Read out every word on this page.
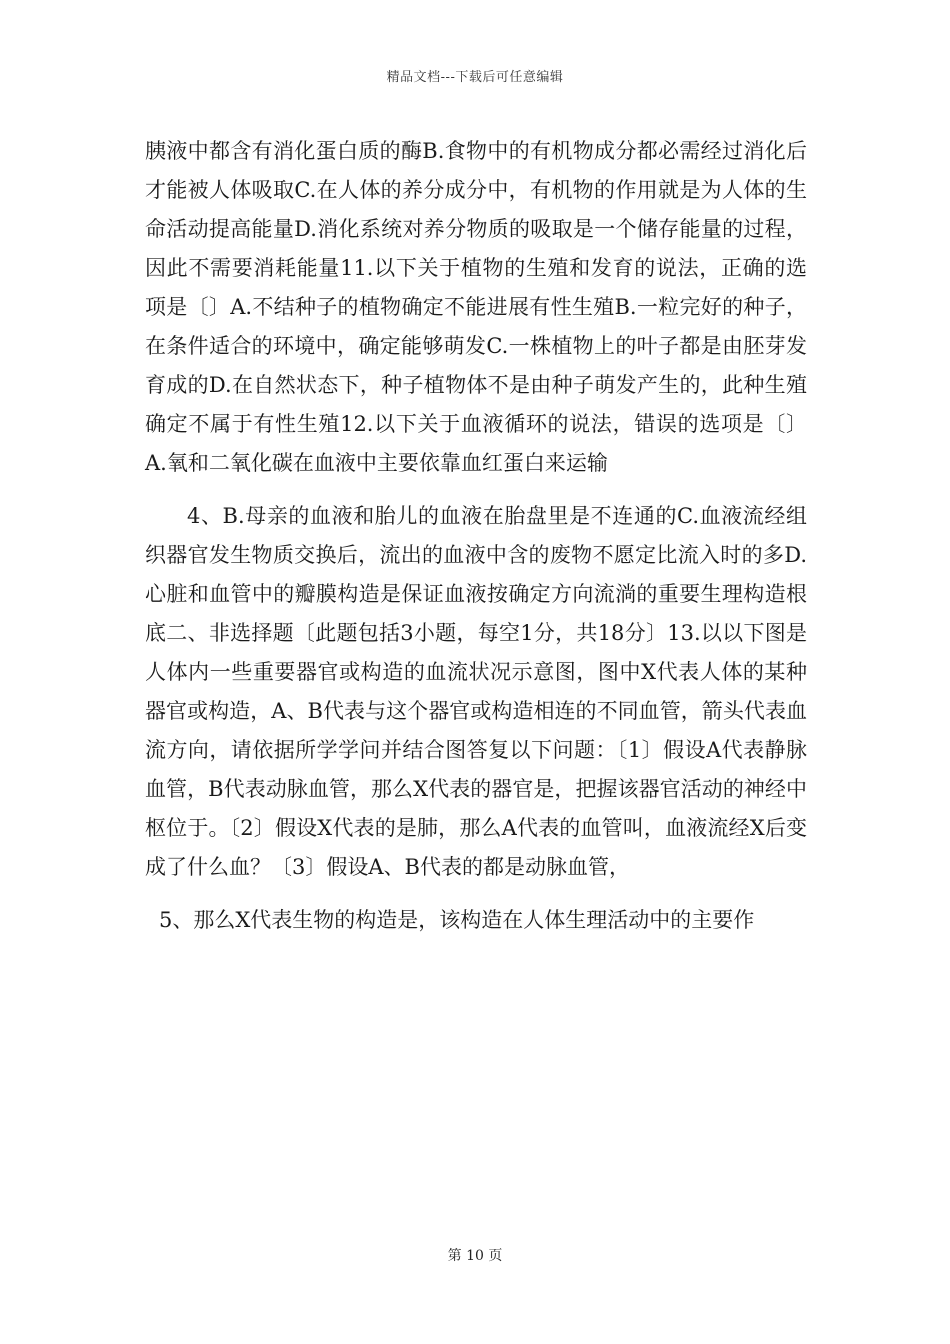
精品文档---下载后可任意编辑

胰液中都含有消化蛋白质的酶B.食物中的有机物成分都必需经过消化后才能被人体吸取C.在人体的养分成分中，有机物的作用就是为人体的生命活动提高能量D.消化系统对养分物质的吸取是一个储存能量的过程，因此不需要消耗能量11.以下关于植物的生殖和发育的说法，正确的选项是〔〕A.不结种子的植物确定不能进展有性生殖B.一粒完好的种子，在条件适合的环境中，确定能够萌发C.一株植物上的叶子都是由胚芽发育成的D.在自然状态下，种子植物体不是由种子萌发产生的，此种生殖确定不属于有性生殖12.以下关于血液循环的说法，错误的选项是〔〕A.氧和二氧化碳在血液中主要依靠血红蛋白来运输

4、B.母亲的血液和胎儿的血液在胎盘里是不连通的C.血液流经组织器官发生物质交换后，流出的血液中含的废物不愿定比流入时的多D.心脏和血管中的瓣膜构造是保证血液按确定方向流淌的重要生理构造根底二、非选择题〔此题包括3小题，每空1分，共18分〕13.以以下图是人体内一些重要器官或构造的血流状况示意图，图中X代表人体的某种器官或构造，A、B代表与这个器官或构造相连的不同血管，箭头代表血流方向，请依据所学学问并结合图答复以下问题：〔1〕假设A代表静脉血管，B代表动脉血管，那么X代表的器官是，把握该器官活动的神经中枢位于。〔2〕假设X代表的是肺，那么A代表的血管叫，血液流经X后变成了什么血？〔3〕假设A、B代表的都是动脉血管，

5、那么X代表生物的构造是，该构造在人体生理活动中的主要作

第 10 页
